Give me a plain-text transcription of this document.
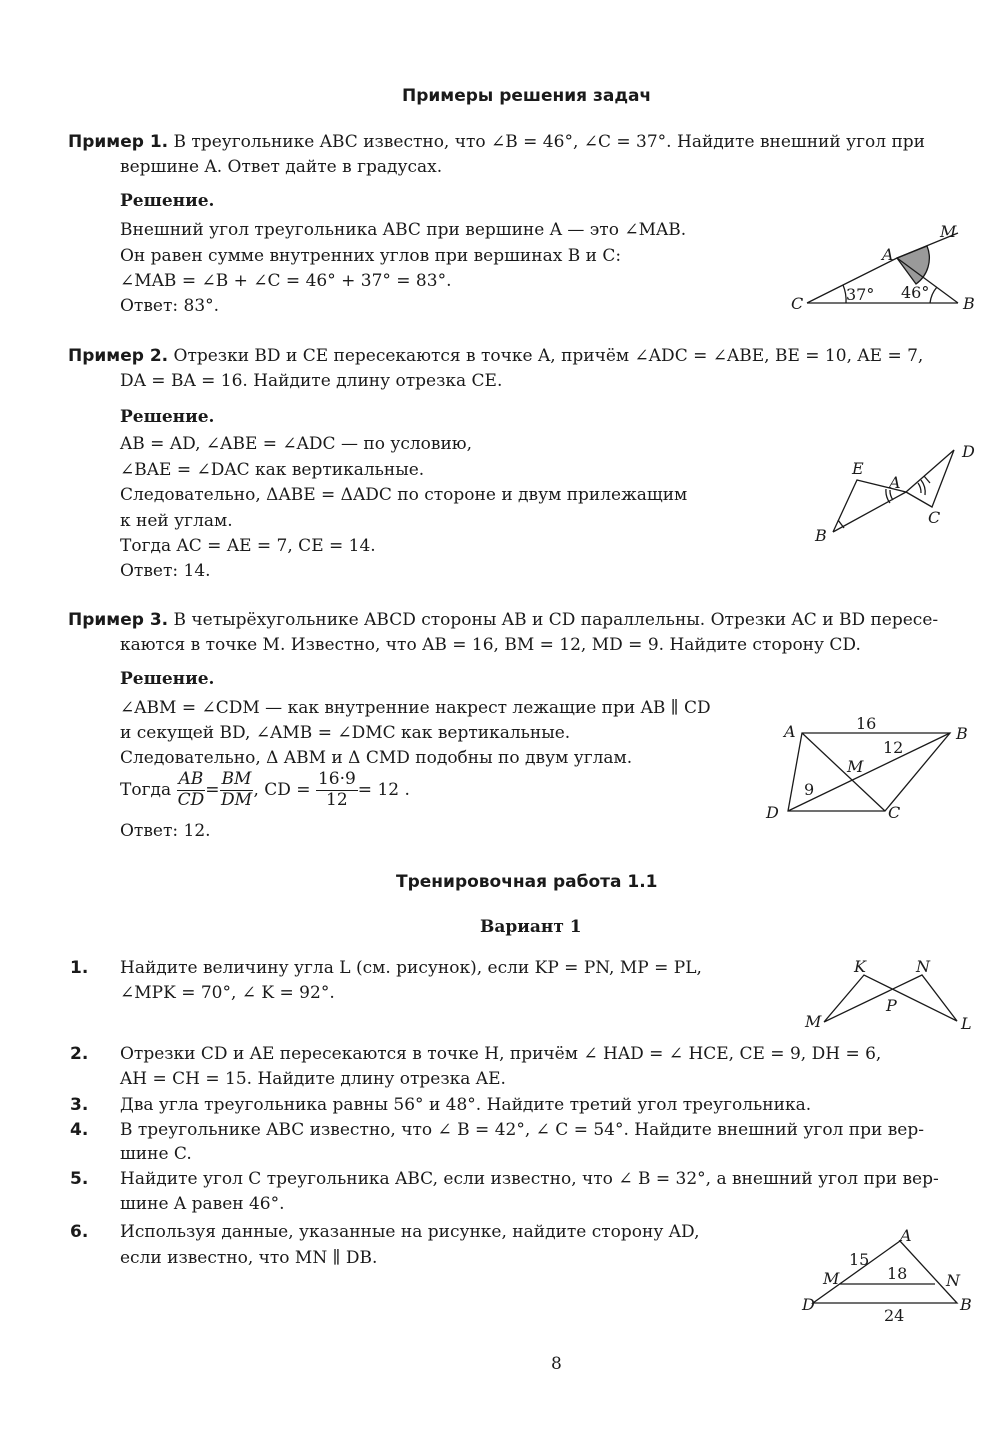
Примеры решения задач
Пример 1. В треугольнике ABC известно, что ∠B = 46°, ∠C = 37°. Найдите внешний угол при
вершине A. Ответ дайте в градусах.
Решение.
Внешний угол треугольника ABC при вершине A — это ∠MAB.
Он равен сумме внутренних углов при вершинах B и C:
∠MAB = ∠B + ∠C = 46° + 37° = 83°.
Ответ: 83°.
M
A
C	B
37° 46°
Пример 2. Отрезки BD и CE пересекаются в точке A, причём ∠ADC = ∠ABE, BE = 10, AE = 7,
DA = BA = 16. Найдите длину отрезка CE.
Решение.
AB = AD, ∠ABE = ∠ADC — по условию,
∠BAE = ∠DAC как вертикальные.
Следовательно, ΔABE = ΔADC по стороне и двум прилежащим
к ней углам.
Тогда AC = AE = 7, CE = 14.
Ответ: 14.
E
A
D
C
B
Пример 3. В четырёхугольнике ABCD стороны AB и CD параллельны. Отрезки AC и BD пересе-
каются в точке M. Известно, что AB = 16, BM = 12, MD = 9. Найдите сторону CD.
Решение.
∠ABM = ∠CDM — как внутренние накрест лежащие при AB ∥ CD
и секущей BD, ∠AMB = ∠DMC как вертикальные.
Следовательно, Δ ABM и Δ CMD подобны по двум углам.
Тогда $\frac{AB}{CD} = \frac{BM}{DM}$ , CD = $\frac{16\cdot 9}{12} = 12$ .
Ответ: 12.
A	B
C
D
M
16
12
9
Тренировочная работа 1.1
Вариант 1
1. Найдите величину угла L (см. рисунок), если KP = PN, MP = PL,
∠MPK = 70°, ∠ K = 92°.
K	N
P
M	L
2. Отрезки CD и AE пересекаются в точке H, причём ∠ HAD = ∠ HCE, CE = 9, DH = 6,
AH = CH = 15. Найдите длину отрезка AE.
3. Два угла треугольника равны 56° и 48°. Найдите третий угол треугольника.
4. В треугольнике ABC известно, что ∠ B = 42°, ∠ C = 54°. Найдите внешний угол при вер-
шине C.
5. Найдите угол C треугольника ABC, если известно, что ∠ B = 32°, а внешний угол при вер-
шине A равен 46°.
6. Используя данные, указанные на рисунке, найдите сторону AD,
если известно, что MN ∥ DB.
A
M	N
D	B
15
18
24
8
